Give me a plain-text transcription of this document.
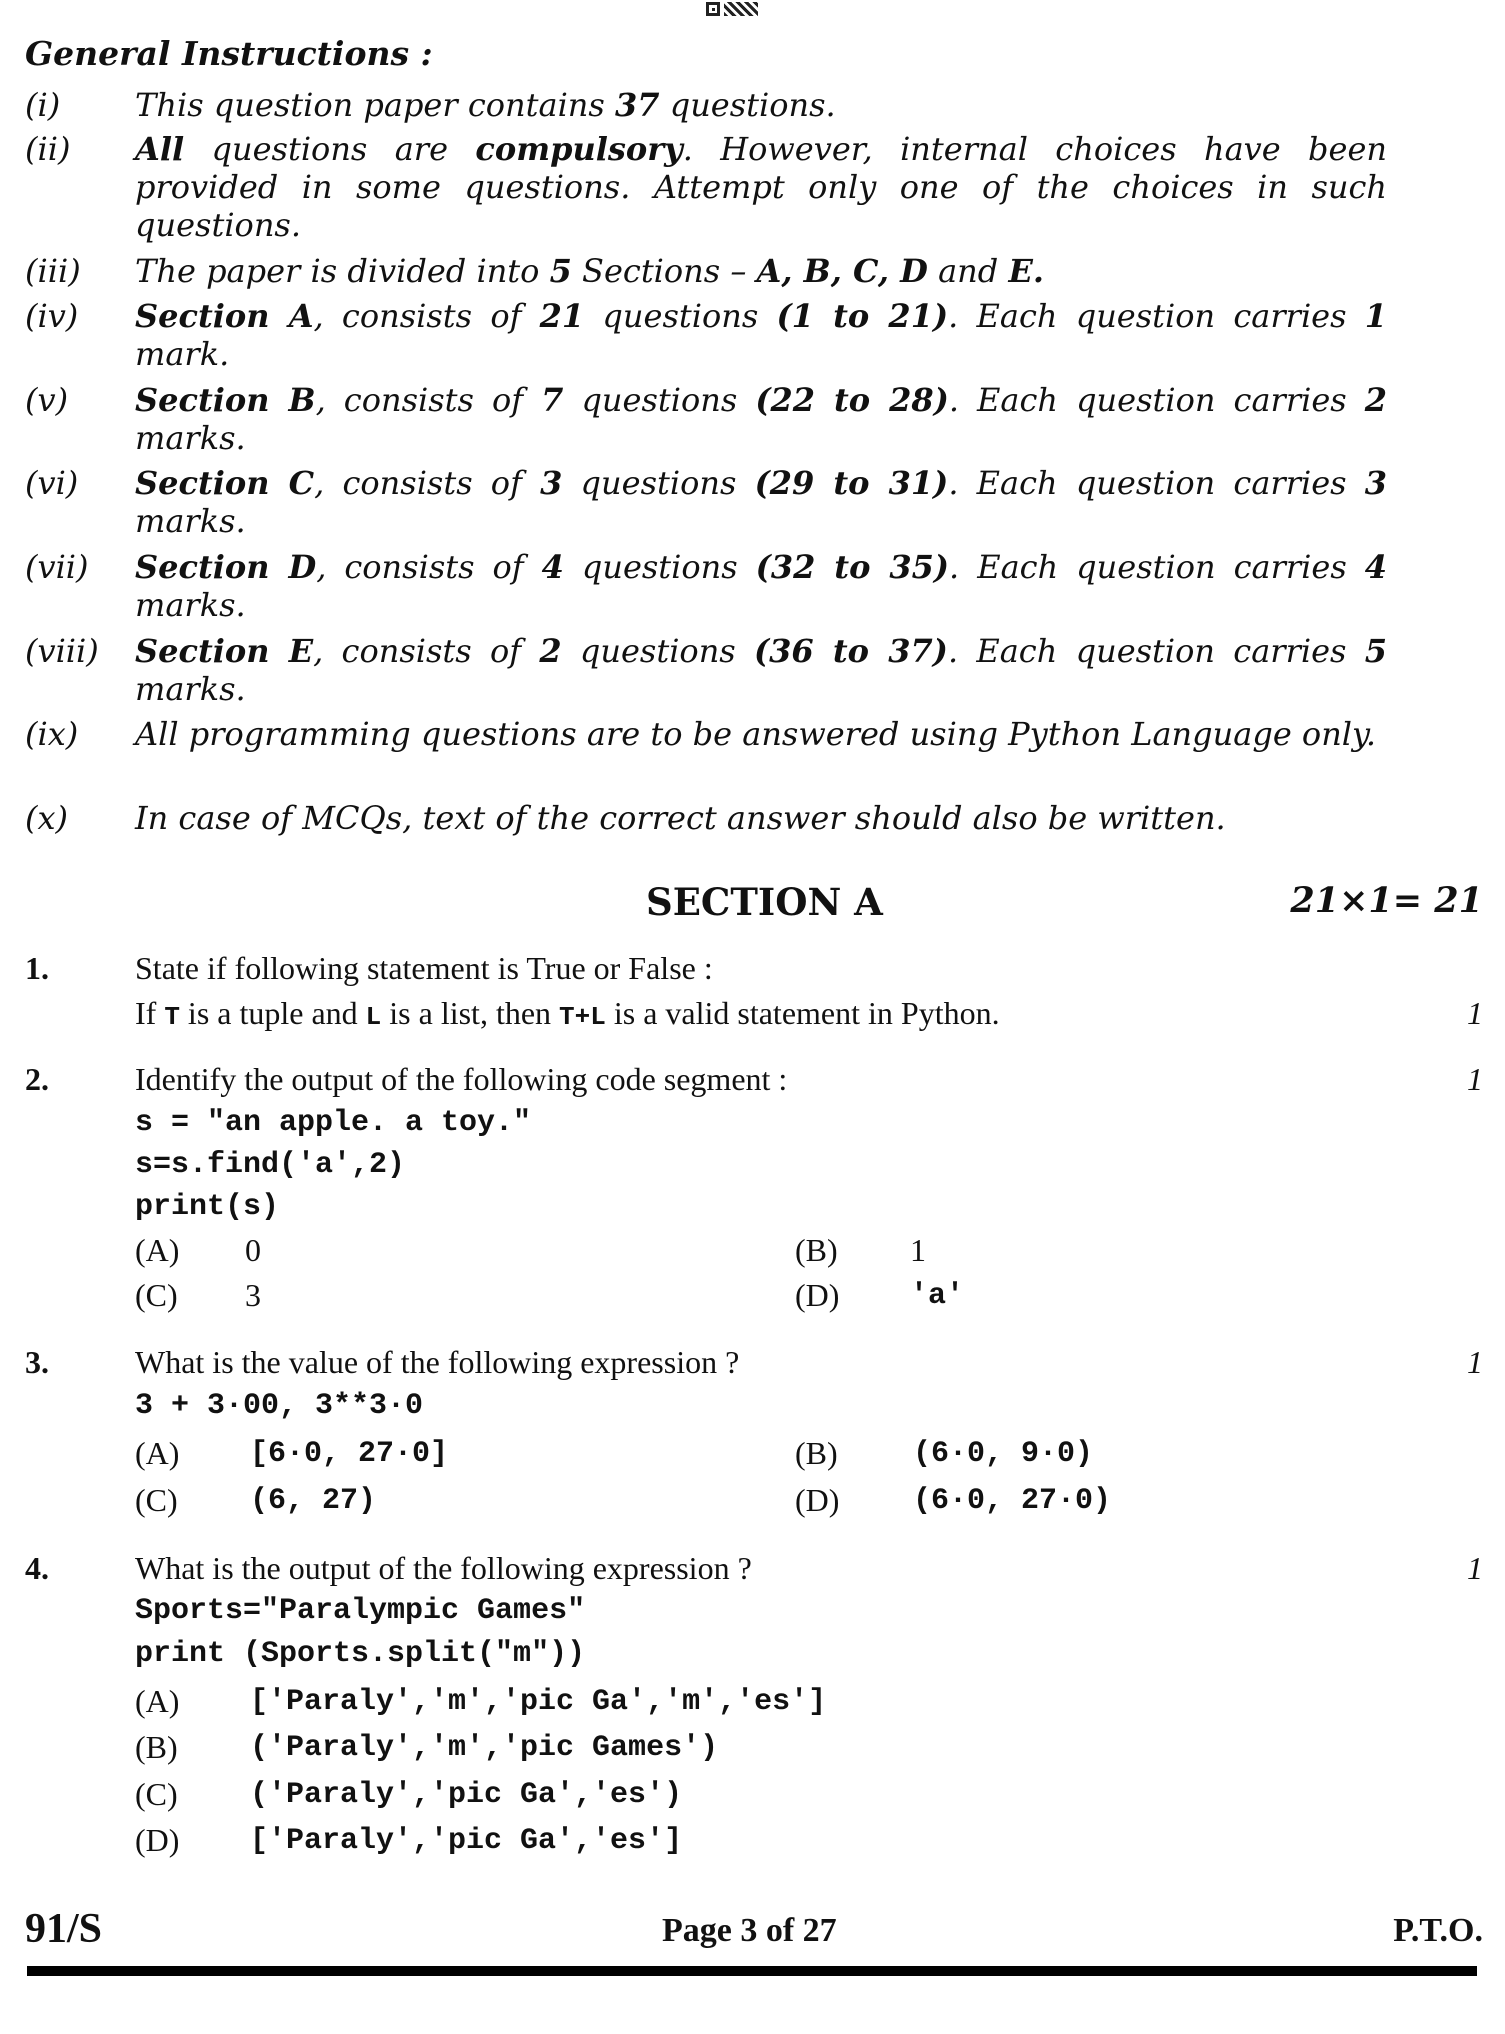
General Instructions :
(i) This question paper contains 37 questions.
(ii) All questions are compulsory. However, internal choices have been provided in some questions. Attempt only one of the choices in such questions.
(iii) The paper is divided into 5 Sections – A, B, C, D and E.
(iv) Section A, consists of 21 questions (1 to 21). Each question carries 1 mark.
(v) Section B, consists of 7 questions (22 to 28). Each question carries 2 marks.
(vi) Section C, consists of 3 questions (29 to 31). Each question carries 3 marks.
(vii) Section D, consists of 4 questions (32 to 35). Each question carries 4 marks.
(viii) Section E, consists of 2 questions (36 to 37). Each question carries 5 marks.
(ix) All programming questions are to be answered using Python Language only.
(x) In case of MCQs, text of the correct answer should also be written.
SECTION A	21×1= 21
1.	State if following statement is True or False :
If T is a tuple and L is a list, then T+L is a valid statement in Python.	1
2.	Identify the output of the following code segment :	1
s = "an apple. a toy."
s=s.find('a',2)
print(s)
(A) 0	(B) 1
(C) 3	(D) 'a'
3.	What is the value of the following expression ?	1
3 + 3·00, 3**3·0
(A) [6·0, 27·0]	(B)	(6·0, 9·0)
(C) (6, 27)	(D) (6·0, 27·0)
4.	What is the output of the following expression ?	1
Sports="Paralympic Games"
print (Sports.split("m"))
(A) ['Paraly','m','pic Ga','m','es']
(B) ('Paraly','m','pic Games')
(C) ('Paraly','pic Ga','es')
(D) ['Paraly','pic Ga','es']
91/S	Page 3 of 27	P.T.O.
